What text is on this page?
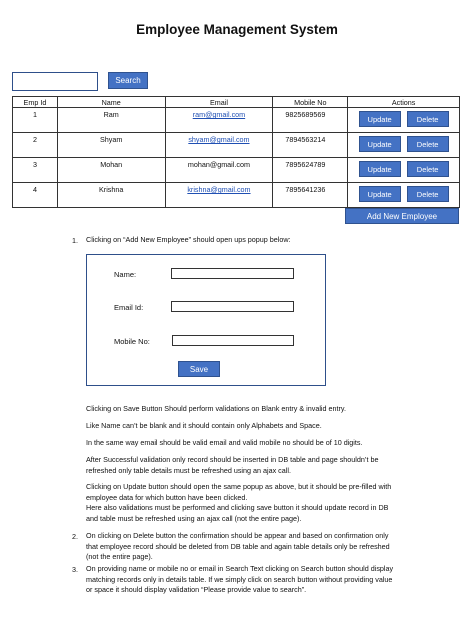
Employee Management System
Search
Emp Id	Name	Email	Mobile No	Actions
1	Ram	ram@gmail.com	9825689569	Update Delete
2	Shyam	shyam@gmail.com	7894563214	Update Delete
3	Mohan	mohan@gmail.com	7895624789	Update Delete
4	Krishna	krishna@gmail.com	7895641236	Update Delete
Add New Employee
1. Clicking on “Add New Employee” should open ups popup below:
Name:
Email Id:
Mobile No:
Save
Clicking on Save Button Should perform validations on Blank entry & invalid entry.
Like Name can’t be blank and it should contain only Alphabets and Space.
In the same way email should be valid email and valid mobile no should be of 10 digits.
After Successful validation only record should be inserted in DB table and page shouldn’t be refreshed only table details must be refreshed using an ajax call.
Clicking on Update button should open the same popup as above, but it should be pre-filled with employee data for which button have been clicked.
Here also validations must be performed and clicking save button it should update record in DB and table must be refreshed using an ajax call (not the entire page).
2. On clicking on Delete button the confirmation should be appear and based on confirmation only that employee record should be deleted from DB table and again table details only be refreshed (not the entire page).
3. On providing name or mobile no or email in Search Text clicking on Search button should display matching records only in details table. If we simply click on search button without providing value or space it should display validation “Please provide value to search”.
